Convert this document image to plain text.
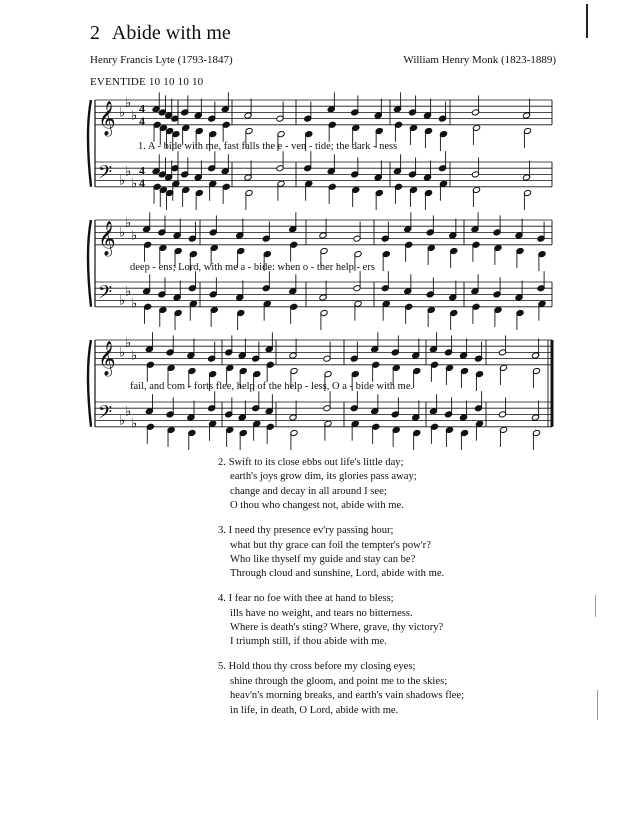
2 Abide with me
Henry Francis Lyte (1793-1847)	William Henry Monk (1823-1889)
EVENTIDE 10 10 10 10
𝄞
𝄢
♭
♭
♭
♭
♭
♭
4
4
4
4
1. A - bide with me, fast falls the e - ven - tide; the dark - ness
𝄞
𝄢
♭
♭
♭
♭
♭
♭
deep - ens; Lord, with me a - bide: when o - ther help - ers
𝄞
𝄢
♭
♭
♭
♭
♭
♭
fail, and com - forts flee, help of the help - less, O a - bide with me.
2. Swift to its close ebbs out life's little day;
earth's joys grow dim, its glories pass away;
change and decay in all around I see;
O thou who changest not, abide with me.
3. I need thy presence ev'ry passing hour;
what but thy grace can foil the tempter's pow'r?
Who like thyself my guide and stay can be?
Through cloud and sunshine, Lord, abide with me.
4. I fear no foe with thee at hand to bless;
ills have no weight, and tears no bitterness.
Where is death's sting? Where, grave, thy victory?
I triumph still, if thou abide with me.
5. Hold thou thy cross before my closing eyes;
shine through the gloom, and point me to the skies;
heav'n's morning breaks, and earth's vain shadows flee;
in life, in death, O Lord, abide with me.
